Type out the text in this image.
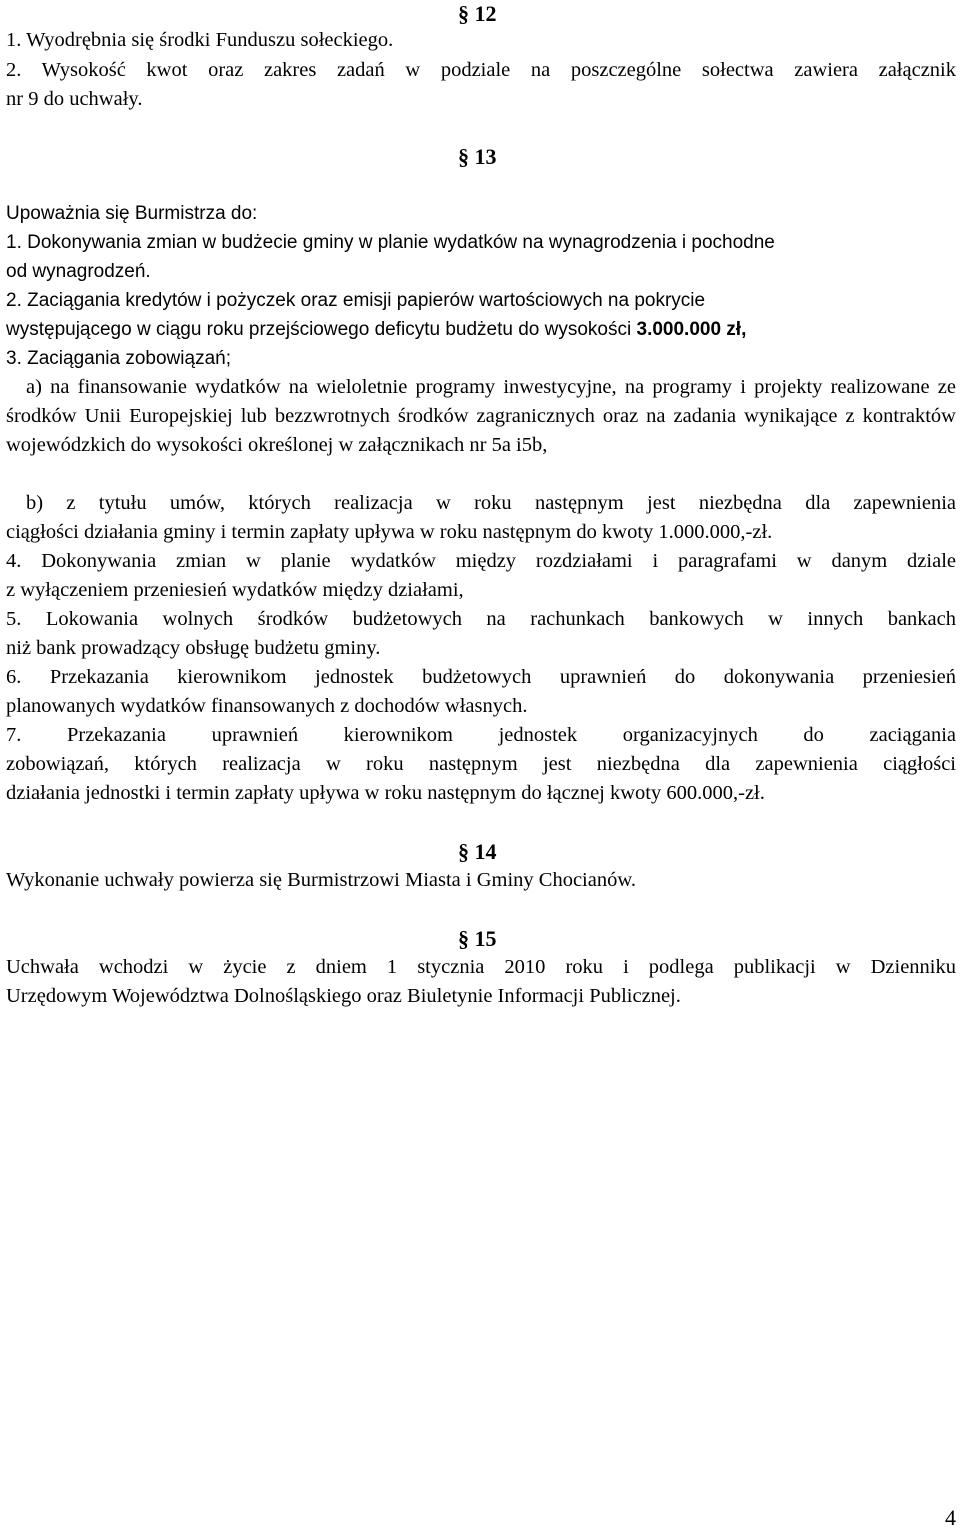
§ 12
1. Wyodrębnia się środki Funduszu sołeckiego.
2. Wysokość kwot oraz zakres zadań w podziale na poszczególne sołectwa zawiera załącznik
nr 9 do uchwały.
§ 13
Upoważnia się Burmistrza do:
1. Dokonywania zmian w budżecie gminy w planie wydatków na wynagrodzenia i pochodne
od wynagrodzeń.
2. Zaciągania kredytów i pożyczek oraz emisji papierów wartościowych na pokrycie
występującego w ciągu roku przejściowego deficytu budżetu do wysokości 3.000.000 zł,
3. Zaciągania zobowiązań;
a) na finansowanie wydatków na wieloletnie programy inwestycyjne, na programy i projekty realizowane ze środków Unii Europejskiej lub bezzwrotnych środków zagranicznych oraz na zadania wynikające z kontraktów wojewódzkich do wysokości określonej w załącznikach nr 5a i5b,
b) z tytułu umów, których realizacja w roku następnym jest niezbędna dla zapewnienia
ciągłości działania gminy i termin zapłaty upływa w roku następnym do kwoty 1.000.000,-zł.
4. Dokonywania zmian w planie wydatków między rozdziałami i paragrafami w danym dziale
z wyłączeniem przeniesień wydatków między działami,
5. Lokowania wolnych środków budżetowych na rachunkach bankowych w innych bankach
niż bank prowadzący obsługę budżetu gminy.
6. Przekazania kierownikom jednostek budżetowych uprawnień do dokonywania przeniesień
planowanych wydatków finansowanych z dochodów własnych.
7. Przekazania uprawnień kierownikom jednostek organizacyjnych do zaciągania
zobowiązań, których realizacja w roku następnym jest niezbędna dla zapewnienia ciągłości
działania jednostki i termin zapłaty upływa w roku następnym do łącznej kwoty 600.000,-zł.
§ 14
Wykonanie uchwały powierza się Burmistrzowi Miasta i Gminy Chocianów.
§ 15
Uchwała wchodzi w życie z dniem 1 stycznia 2010 roku i podlega publikacji w Dzienniku
Urzędowym Województwa Dolnośląskiego oraz Biuletynie Informacji Publicznej.
4
